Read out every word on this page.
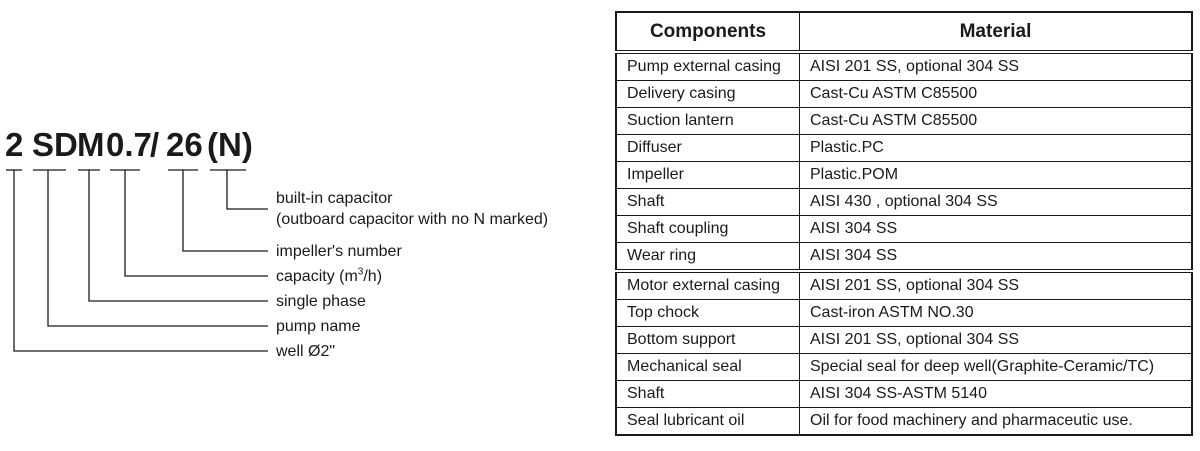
2 SD M 0.7
/ 26 (N)
built-in capacitor
(outboard capacitor with no N marked)
impeller's number
capacity $(m^3/h)$
single phase
pump name
well Ø2"
Components	Material
Pump external casing	AISI 201 SS, optional 304 SS
Delivery casing	Cast-Cu ASTM C85500
Suction lantern	Cast-Cu ASTM C85500
Diffuser	Plastic.PC
Impeller	Plastic.POM
Shaft	AISI 430 , optional 304 SS
Shaft coupling	AISI 304 SS
Wear ring	AISI 304 SS
Motor external casing	AISI 201 SS, optional 304 SS
Top chock	Cast-iron ASTM NO.30
Bottom support	AISI 201 SS, optional 304 SS
Mechanical seal	Special seal for deep well(Graphite-Ceramic/TC)
Shaft	AISI 304 SS-ASTM 5140
Seal lubricant oil	Oil for food machinery and pharmaceutic use.
